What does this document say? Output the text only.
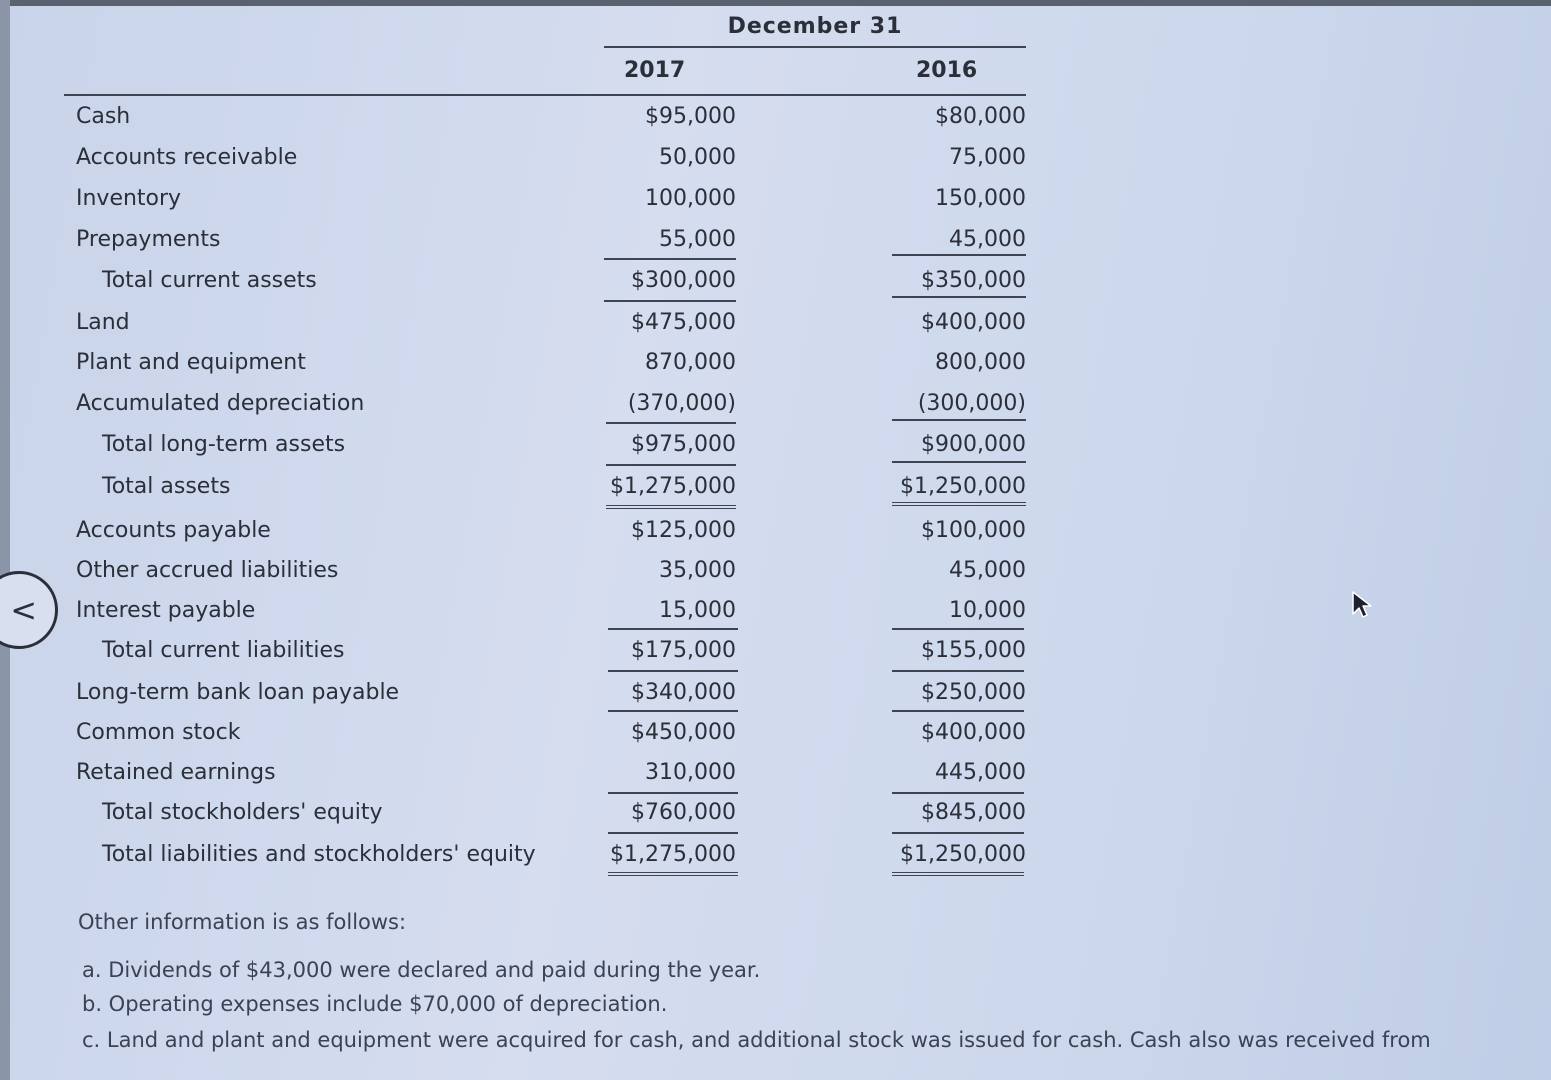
December 31
2017	2016
Cash	$95,000	$80,000
Accounts receivable	50,000	75,000
Inventory	100,000	150,000
Prepayments	55,000	45,000
Total current assets	$300,000	$350,000
Land	$475,000	$400,000
Plant and equipment	870,000	800,000
Accumulated depreciation	(370,000)	(300,000)
Total long-term assets	$975,000	$900,000
Total assets	$1,275,000	$1,250,000
Accounts payable	$125,000	$100,000
Other accrued liabilities	35,000	45,000
Interest payable	15,000	10,000
Total current liabilities	$175,000	$155,000
Long-term bank loan payable	$340,000	$250,000
Common stock	$450,000	$400,000
Retained earnings	310,000	445,000
Total stockholders' equity	$760,000	$845,000
Total liabilities and stockholders' equity	$1,275,000	$1,250,000
Other information is as follows:
a. Dividends of $43,000 were declared and paid during the year.
b. Operating expenses include $70,000 of depreciation.
c. Land and plant and equipment were acquired for cash, and additional stock was issued for cash. Cash also was received from
<
